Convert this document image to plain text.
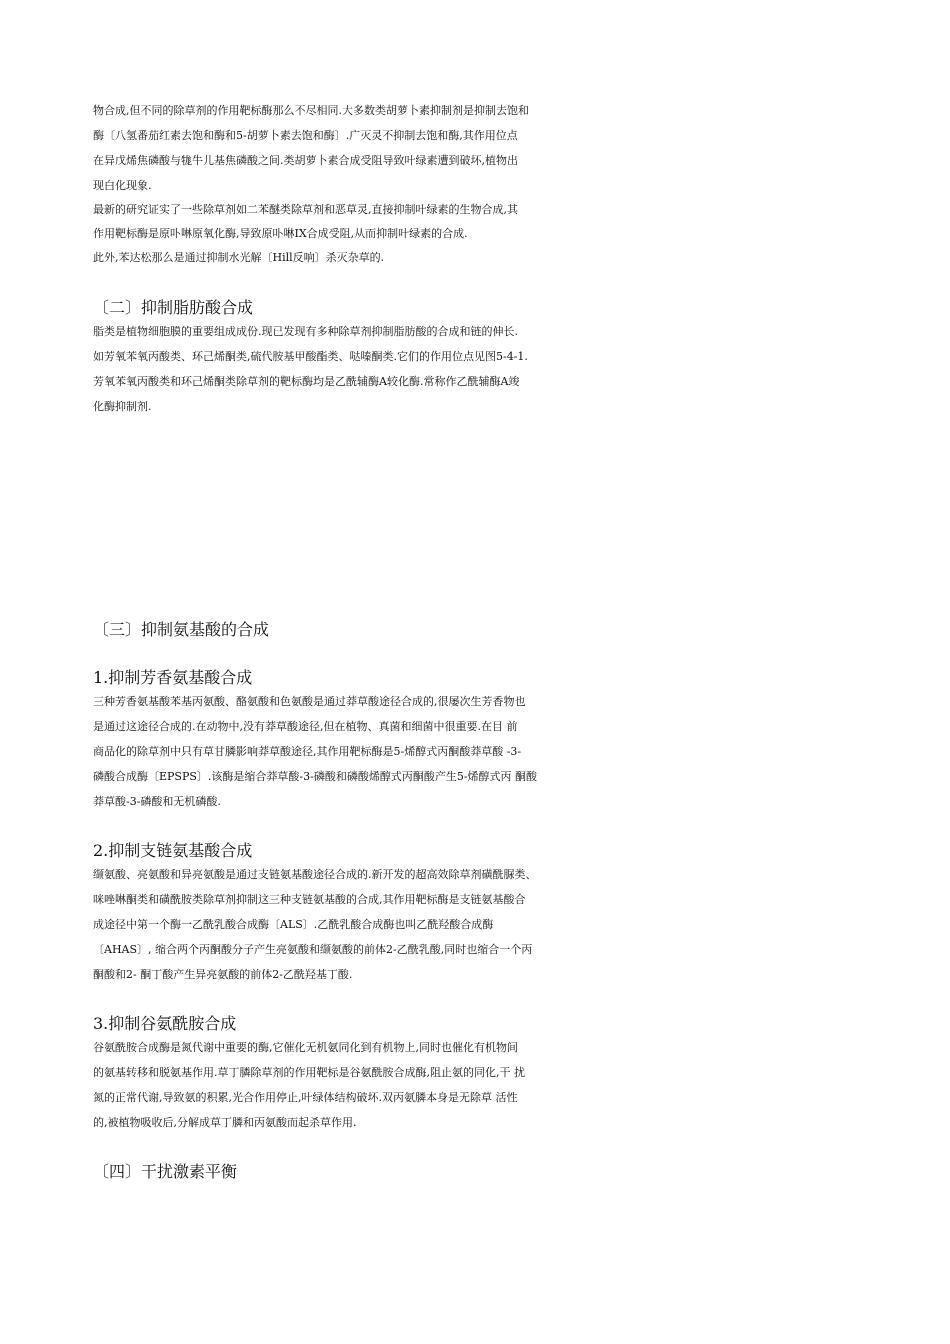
物合成,但不同的除草剂的作用靶标酶那么不尽相同.大多数类胡萝卜素抑制剂是抑制去饱和
酶〔八氢番茄红素去饱和酶和5-胡萝卜素去饱和酶〕.广灭灵不抑制去饱和酶,其作用位点
在异戊烯焦磷酸与牻牛儿基焦磷酸之间.类胡萝卜素合成受阻导致叶绿素遭到破坏,植物出
现白化现象.
最新的研究证实了一些除草剂如二苯醚类除草剂和恶草灵,直接抑制叶绿素的生物合成,其
作用靶标酶是原卟啉原氧化酶,导致原卟啉IX合成受阻,从而抑制叶绿素的合成.
此外,苯达松那么是通过抑制水光解〔Hill反响〕杀灭杂草的.
〔二〕抑制脂肪酸合成
脂类是植物细胞膜的重要组成成份.现已发现有多种除草剂抑制脂肪酸的合成和链的伸长.
如芳氧苯氧丙酸类、环己烯酮类,硫代胺基甲酸酯类、哒嗪酮类.它们的作用位点见图5-4-1.
芳氧苯氧丙酸类和环己烯酮类除草剂的靶标酶均是乙酰辅酶A较化酶.常称作乙酰辅酶A竣
化酶抑制剂.
〔三〕抑制氨基酸的合成
1.抑制芳香氨基酸合成
三种芳香氨基酸苯基丙氨酸、酪氨酸和色氨酸是通过莽草酸途径合成的,很屡次生芳香物也
是通过这途径合成的.在动物中,没有莽草酸途径,但在植物、真菌和细菌中很重要.在目 前
商品化的除草剂中只有草甘膦影响莽草酸途径,其作用靶标酶是5-烯醇式丙酮酸莽草酸 -3-
磷酸合成酶〔EPSPS〕.该酶是缩合莽草酸-3-磷酸和磷酸烯醇式丙酮酸产生5-烯醇式丙 酮酸
莽草酸-3-磷酸和无机磷酸.
2.抑制支链氨基酸合成
缬氨酸、亮氨酸和异亮氨酸是通过支链氨基酸途径合成的.新开发的超高效除草剂磺酰脲类、
咪唑啉酮类和磺酰胺类除草剂抑制这三种支链氨基酸的合成,其作用靶标酶是支链氨基酸合
成途径中第一个酶一乙酰乳酸合成酶〔ALS〕.乙酰乳酸合成酶也叫乙酰羟酸合成酶
〔AHAS〕, 缩合两个丙酮酸分子产生亮氨酸和缬氨酸的前体2-乙酰乳酸,同时也缩合一个丙
酮酸和2- 酮丁酸产生异亮氨酸的前体2-乙酰羟基丁酸.
3.抑制谷氨酰胺合成
谷氨酰胺合成酶是氮代谢中重要的酶,它催化无机氨同化到有机物上,同时也催化有机物间
的氨基转移和脱氨基作用.草丁膦除草剂的作用靶标是谷氨酰胺合成酶,阻止氨的同化,干 扰
氮的正常代谢,导致氨的积累,光合作用停止,叶绿体结构破坏.双丙氨膦本身是无除草 活性
的,被植物吸收后,分解成草丁膦和丙氨酸而起杀草作用.
〔四〕干扰激素平衡
